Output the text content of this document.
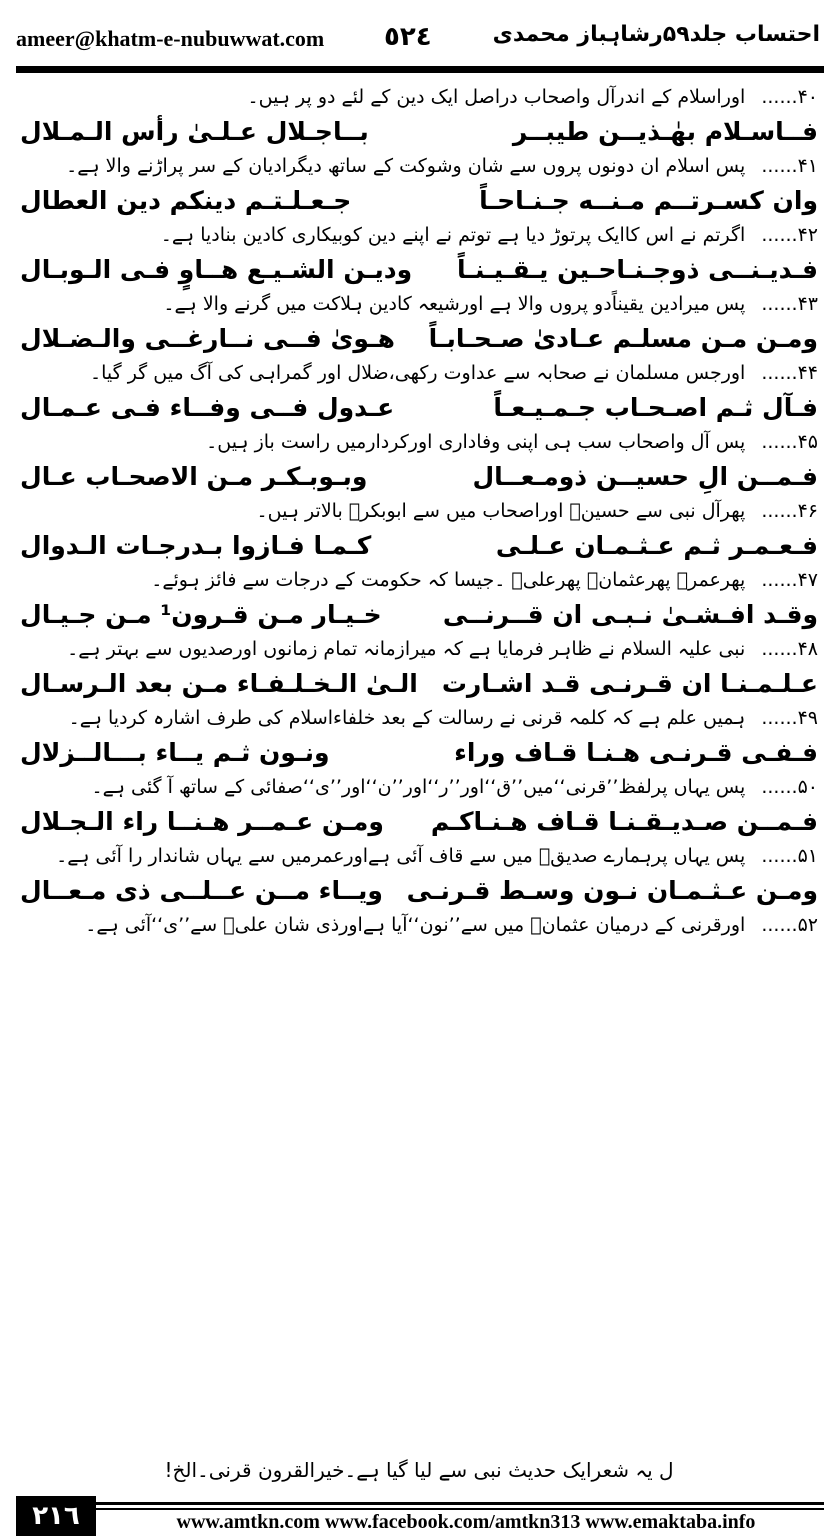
ameer@khatm-e-nubuwwat.com ٥٢٤	احتساب جلد۵۹رشاہباز محمدی
۴۰......اوراسلام کے اندرآل واصحاب دراصل ایک دین کے لئے دو پر ہیں۔
فــاسـلام بهٰـذيــن طيبــر
بــاجـلال عـلـىٰ رأس الـمـلال
۴۱......پس اسلام ان دونوں پروں سے شان وشوکت کے ساتھ دیگرادیان کے سر پراڑنے والا ہے۔
وان كسـرتــم مـنــه جـنـاحـاً
جـعـلـتـم دينكم دين العطال
۴۲......اگرتم نے اس کاایک پرتوڑ دیا ہے توتم نے اپنے دین کوبیکاری کادین بنادیا ہے۔
فـديـنــى ذوجـنـاحـين يـقـيـنـاً
وديـن الشـيـع هــاوٍ فـى الـوبـال
۴۳......پس میرادین یقیناًدو پروں والا ہے اورشیعہ کادین ہلاکت میں گرنے والا ہے۔
ومـن مـن مسلـم عـادىٰ صـحـابـاً
هـوىٰ فــى نــارغــى والـضـلال
۴۴......اورجس مسلمان نے صحابہ سے عداوت رکھی،ضلال اور گمراہی کی آگ میں گر گیا۔
فـآل ثـم اصـحـاب جـمـيـعـاً
عـدول فــى وفــاء فـى عـمـال
۴۵......پس آل واصحاب سب ہی اپنی وفاداری اورکردارمیں راست باز ہیں۔
فـمــن الِ حسيــن ذومـعــال
وبـوبـكـر مـن الاصحـاب عـال
۴۶......پھرآل نبی سے حسینؓ اوراصحاب میں سے ابوبکرؓ بالاتر ہیں۔
فـعـمـر ثـم عـثـمـان عـلـى
كـمـا فـازوا بـدرجـات الـدوال
۴۷......پھرعمرؓ پھرعثمانؓ پھرعلیؓ ۔جیسا کہ حکومت کے درجات سے فائز ہوئے۔
وقـد افـشـىٰ نـبـى ان قــرنــى
خـيـار مـن قـرون¹ مـن جـيـال
۴۸......نبی علیہ السلام نے ظاہر فرمایا ہے کہ میرازمانہ تمام زمانوں اورصدیوں سے بہتر ہے۔
عـلـمـنـا ان قـرنـى قـد اشـارت
الـىٰ الـخـلـفـاء مـن بعد الـرسـال
۴۹......ہمیں علم ہے کہ کلمہ قرنی نے رسالت کے بعد خلفاءاسلام کی طرف اشارہ کردیا ہے۔
فـفـى قـرنـى هـنـا قـاف وراء
ونـون ثـم يــاء بـــالــزلال
۵۰......پس یہاں پرلفظ’’قرنی‘‘میں’’ق‘‘اور’’ر‘‘اور’’ن‘‘اور’’ی‘‘صفائی کے ساتھ آ گئی ہے۔
فـمــن صـديـقـنـا قـاف هـنـاكـم
ومـن عـمــر هـنــا راء الـجـلال
۵۱......پس یہاں پرہمارے صدیقؓ میں سے قاف آئی ہےاورعمرمیں سے یہاں شاندار را آئی ہے۔
ومـن عـثـمـان نـون وسـط قـرنـى
ويــاء مــن عــلــى ذى مـعــال
۵۲......اورقرنی کے درمیان عثمانؓ میں سے’’نون‘‘آیا ہےاورذی شان علیؓ سے’’ی‘‘آئی ہے۔
ل یہ شعرایک حدیث نبی سے لیا گیا ہے۔خیرالقرون قرنی۔الخ!
٢١٦	www.amtkn.com www.facebook.com/amtkn313 www.emaktaba.info
